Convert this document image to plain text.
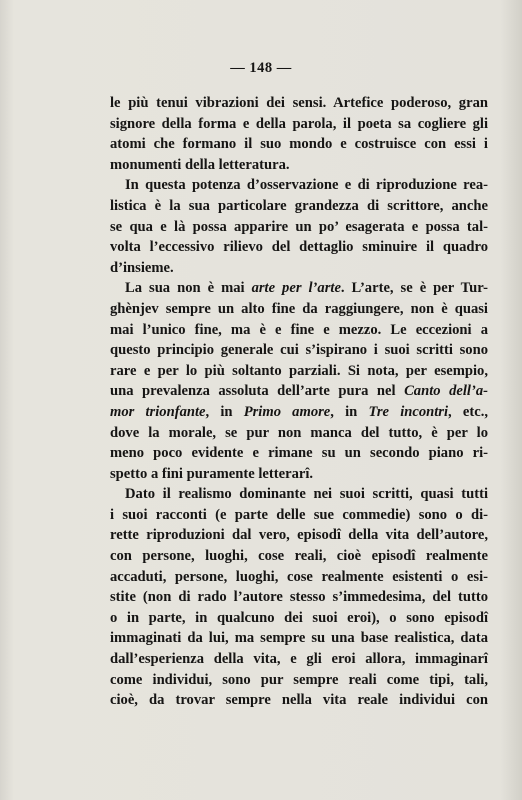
— 148 —
le più tenui vibrazioni dei sensi. Artefice poderoso, gran
signore della forma e della parola, il poeta sa cogliere gli
atomi che formano il suo mondo e costruisce con essi i
monumenti della letteratura.
In questa potenza d’osservazione e di riproduzione rea-
listica è la sua particolare grandezza di scrittore, anche
se qua e là possa apparire un po’ esagerata e possa tal-
volta l’eccessivo rilievo del dettaglio sminuire il quadro
d’insieme.
La sua non è mai arte per l’arte. L’arte, se è per Tur-
ghènjev sempre un alto fine da raggiungere, non è quasi
mai l’unico fine, ma è e fine e mezzo. Le eccezioni a
questo principio generale cui s’ispirano i suoi scritti sono
rare e per lo più soltanto parziali. Si nota, per esempio,
una prevalenza assoluta dell’arte pura nel Canto dell’a-
mor trionfante, in Primo amore, in Tre incontri, etc.,
dove la morale, se pur non manca del tutto, è per lo
meno poco evidente e rimane su un secondo piano ri-
spetto a fini puramente letterarî.
Dato il realismo dominante nei suoi scritti, quasi tutti
i suoi racconti (e parte delle sue commedie) sono o di-
rette riproduzioni dal vero, episodî della vita dell’autore,
con persone, luoghi, cose reali, cioè episodî realmente
accaduti, persone, luoghi, cose realmente esistenti o esi-
stite (non di rado l’autore stesso s’immedesima, del tutto
o in parte, in qualcuno dei suoi eroi), o sono episodî
immaginati da lui, ma sempre su una base realistica, data
dall’esperienza della vita, e gli eroi allora, immaginarî
come individui, sono pur sempre reali come tipi, tali,
cioè, da trovar sempre nella vita reale individui con
